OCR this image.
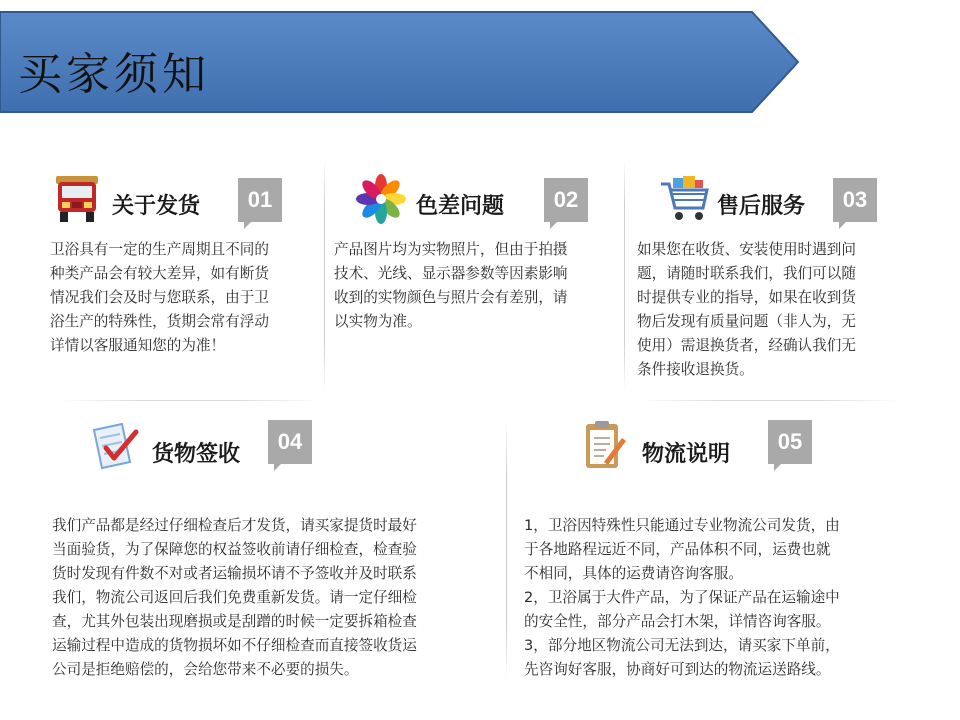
买家须知
关于发货	01
卫浴具有一定的生产周期且不同的
种类产品会有较大差异，如有断货
情况我们会及时与您联系，由于卫
浴生产的特殊性，货期会常有浮动
详情以客服通知您的为准！
色差问题	02
产品图片均为实物照片，但由于拍摄
技术、光线、显示器参数等因素影响
收到的实物颜色与照片会有差别，请
以实物为准。
售后服务	03
如果您在收货、安装使用时遇到问
题，请随时联系我们，我们可以随
时提供专业的指导，如果在收到货
物后发现有质量问题（非人为，无
使用）需退换货者，经确认我们无
条件接收退换货。
货物签收	04
我们产品都是经过仔细检查后才发货，请买家提货时最好
当面验货，为了保障您的权益签收前请仔细检查，检查验
货时发现有件数不对或者运输损坏请不予签收并及时联系
我们，物流公司返回后我们免费重新发货。请一定仔细检
查，尤其外包装出现磨损或是刮蹭的时候一定要拆箱检查
运输过程中造成的货物损坏如不仔细检查而直接签收货运
公司是拒绝赔偿的，会给您带来不必要的损失。
物流说明	05
1，卫浴因特殊性只能通过专业物流公司发货，由
于各地路程远近不同，产品体积不同，运费也就
不相同，具体的运费请咨询客服。
2，卫浴属于大件产品，为了保证产品在运输途中
的安全性，部分产品会打木架，详情咨询客服。
3，部分地区物流公司无法到达，请买家下单前，
先咨询好客服，协商好可到达的物流运送路线。
